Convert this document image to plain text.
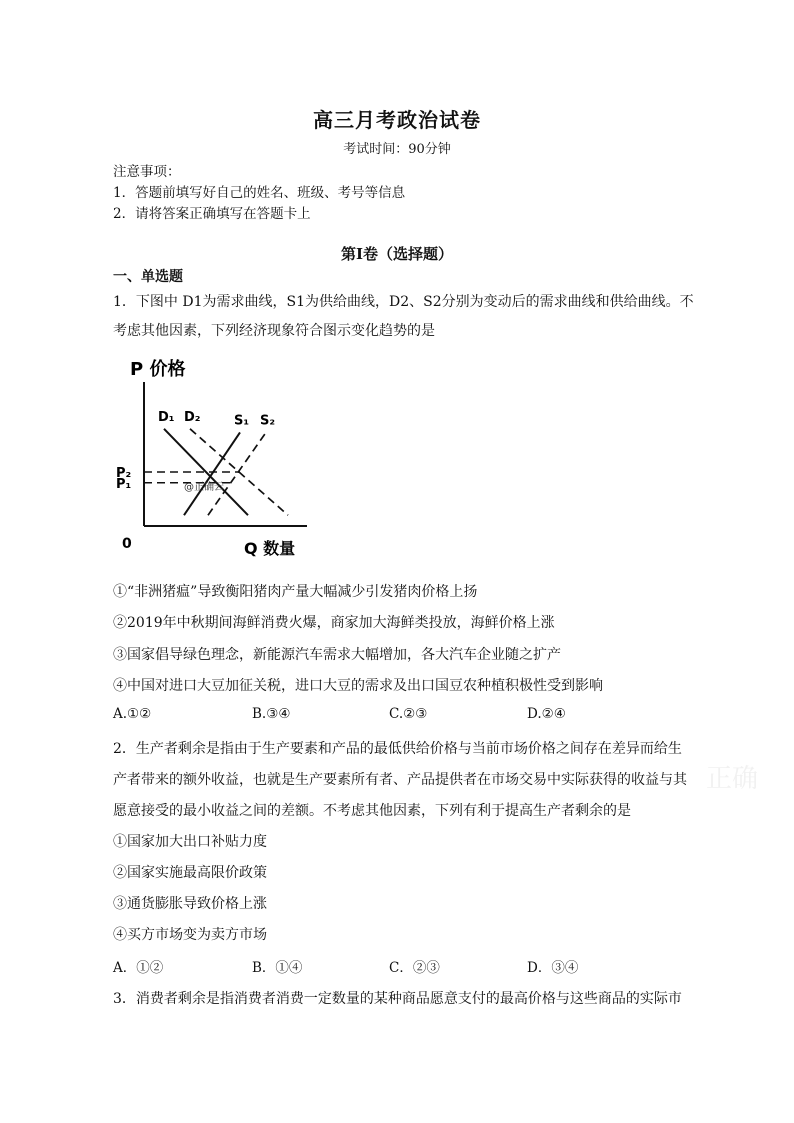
高三月考政治试卷
考试时间：90分钟
注意事项：
1．答题前填写好自己的姓名、班级、考号等信息
2．请将答案正确填写在答题卡上
第I卷（选择题）
一、单选题
1．下图中 D1为需求曲线，S1为供给曲线，D2、S2分别为变动后的需求曲线和供给曲线。不
考虑其他因素，下列经济现象符合图示变化趋势的是
P 价格
D₁ D₂	S₁ S₂
P₂
P₁	@正确云
0	Q 数量
①“非洲猪瘟”导致衡阳猪肉产量大幅减少引发猪肉价格上扬
②2019年中秋期间海鲜消费火爆，商家加大海鲜类投放，海鲜价格上涨
③国家倡导绿色理念，新能源汽车需求大幅增加，各大汽车企业随之扩产
④中国对进口大豆加征关税，进口大豆的需求及出口国豆农种植积极性受到影响
A.①②	B.③④	C.②③	D.②④
2．生产者剩余是指由于生产要素和产品的最低供给价格与当前市场价格之间存在差异而给生
产者带来的额外收益，也就是生产要素所有者、产品提供者在市场交易中实际获得的收益与其
愿意接受的最小收益之间的差额。不考虑其他因素，下列有利于提高生产者剩余的是
①国家加大出口补贴力度
②国家实施最高限价政策
③通货膨胀导致价格上涨
④买方市场变为卖方市场
A．①②	B．①④	C．②③	D．③④
3．消费者剩余是指消费者消费一定数量的某种商品愿意支付的最高价格与这些商品的实际市
正确
